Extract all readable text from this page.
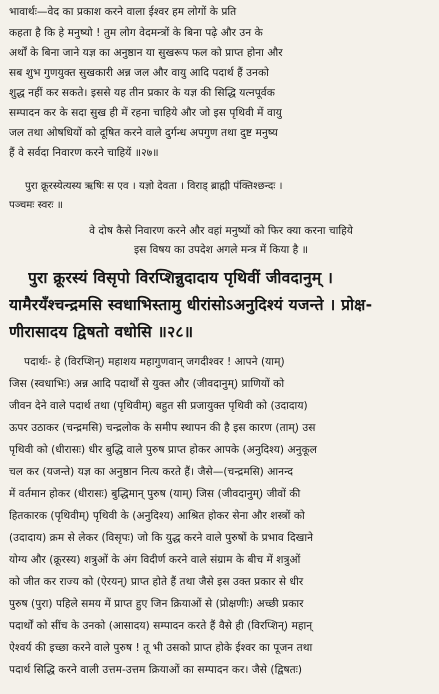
भावार्थः—वेद का प्रकाश करने वाला ईश्वर हम लोगों के प्रति
कहता है कि हे मनुष्यो ! तुम लोग वेदमन्त्रों के बिना पढ़े और उन के
अर्थों के बिना जाने यज्ञ का अनुष्ठान या सुखरूप फल को प्राप्त होना और
सब शुभ गुणयुक्त सुखकारी अन्न जल और वायु आदि पदार्थ हैं उनको
शुद्ध नहीं कर सकते। इससे यह तीन प्रकार के यज्ञ की सिद्धि यत्नपूर्वक
सम्पादन कर के सदा सुख ही में रहना चाहिये और जो इस पृथिवी में वायु
जल तथा ओषधियों को दूषित करने वाले दुर्गन्ध अपगुण तथा दुष्ट मनुष्य
हैं वे सर्वदा निवारण करने चाहियें ॥२७॥
पुरा क्रूरस्येत्यस्य ऋषिः स एव । यज्ञो देवता । विराड् ब्राह्मी पंक्तिश्छन्दः ।
पञ्चमः स्वरः ॥
वे दोष कैसे निवारण करने और वहां मनुष्यों को फिर क्या करना चाहिये
इस विषय का उपदेश अगले मन्त्र में किया है ॥
पुरा क्रूरस्यं विसृपो विरप्शिन्नुदादाय पृथिवीं जीवदानुम् ।
यामैरयँश्चन्द्रमसि स्वधाभिस्तामु धीरांसोऽअनुदिश्यं यजन्ते । प्रोक्ष-
णीरासादय द्विषतो वधोसि ॥२८॥
पदार्थः- हे (विरप्शिन्) महाशय महागुणवान् जगदीश्वर ! आपने (याम्)
जिस (स्वधाभिः) अन्न आदि पदार्थों से युक्त और (जीवदानुम्) प्राणियों को
जीवन देने वाले पदार्थ तथा (पृथिवीम्) बहुत सी प्रजायुक्त पृथिवी को (उदादाय)
ऊपर उठाकर (चन्द्रमसि) चन्द्रलोक के समीप स्थापन की है इस कारण (ताम्) उस
पृथिवी को (धीरासः) धीर बुद्धि वाले पुरुष प्राप्त होकर आपके (अनुदिश्य) अनुकूल
चल कर (यजन्ते) यज्ञ का अनुष्ठान नित्य करते हैं। जैसे—(चन्द्रमसि) आनन्द
में वर्तमान होकर (धीरासः) बुद्धिमान् पुरुष (याम्) जिस (जीवदानुम्) जीवों की
हितकारक (पृथिवीम्) पृथिवी के (अनुदिश्य) आश्रित होकर सेना और शस्त्रों को
(उदादाय) क्रम से लेकर (विसृपः) जो कि युद्ध करने वाले पुरुषों के प्रभाव दिखाने
योग्य और (क्रूरस्य) शत्रुओं के अंग विदीर्ण करने वाले संग्राम के बीच में शत्रुओं
को जीत कर राज्य को (ऐरयन्) प्राप्त होते हैं तथा जैसे इस उक्त प्रकार से धीर
पुरुष (पुरा) पहिले समय में प्राप्त हुए जिन क्रियाओं से (प्रोक्षणीः) अच्छी प्रकार
पदार्थों को सींच के उनको (आसादय) सम्पादन करते हैं वैसे ही (विरप्शिन्) महान्
ऐश्वर्य की इच्छा करने वाले पुरुष ! तू भी उसको प्राप्त होके ईश्वर का पूजन तथा
पदार्थ सिद्धि करने वाली उत्तम-उत्तम क्रियाओं का सम्पादन कर। जैसे (द्विषतः)
